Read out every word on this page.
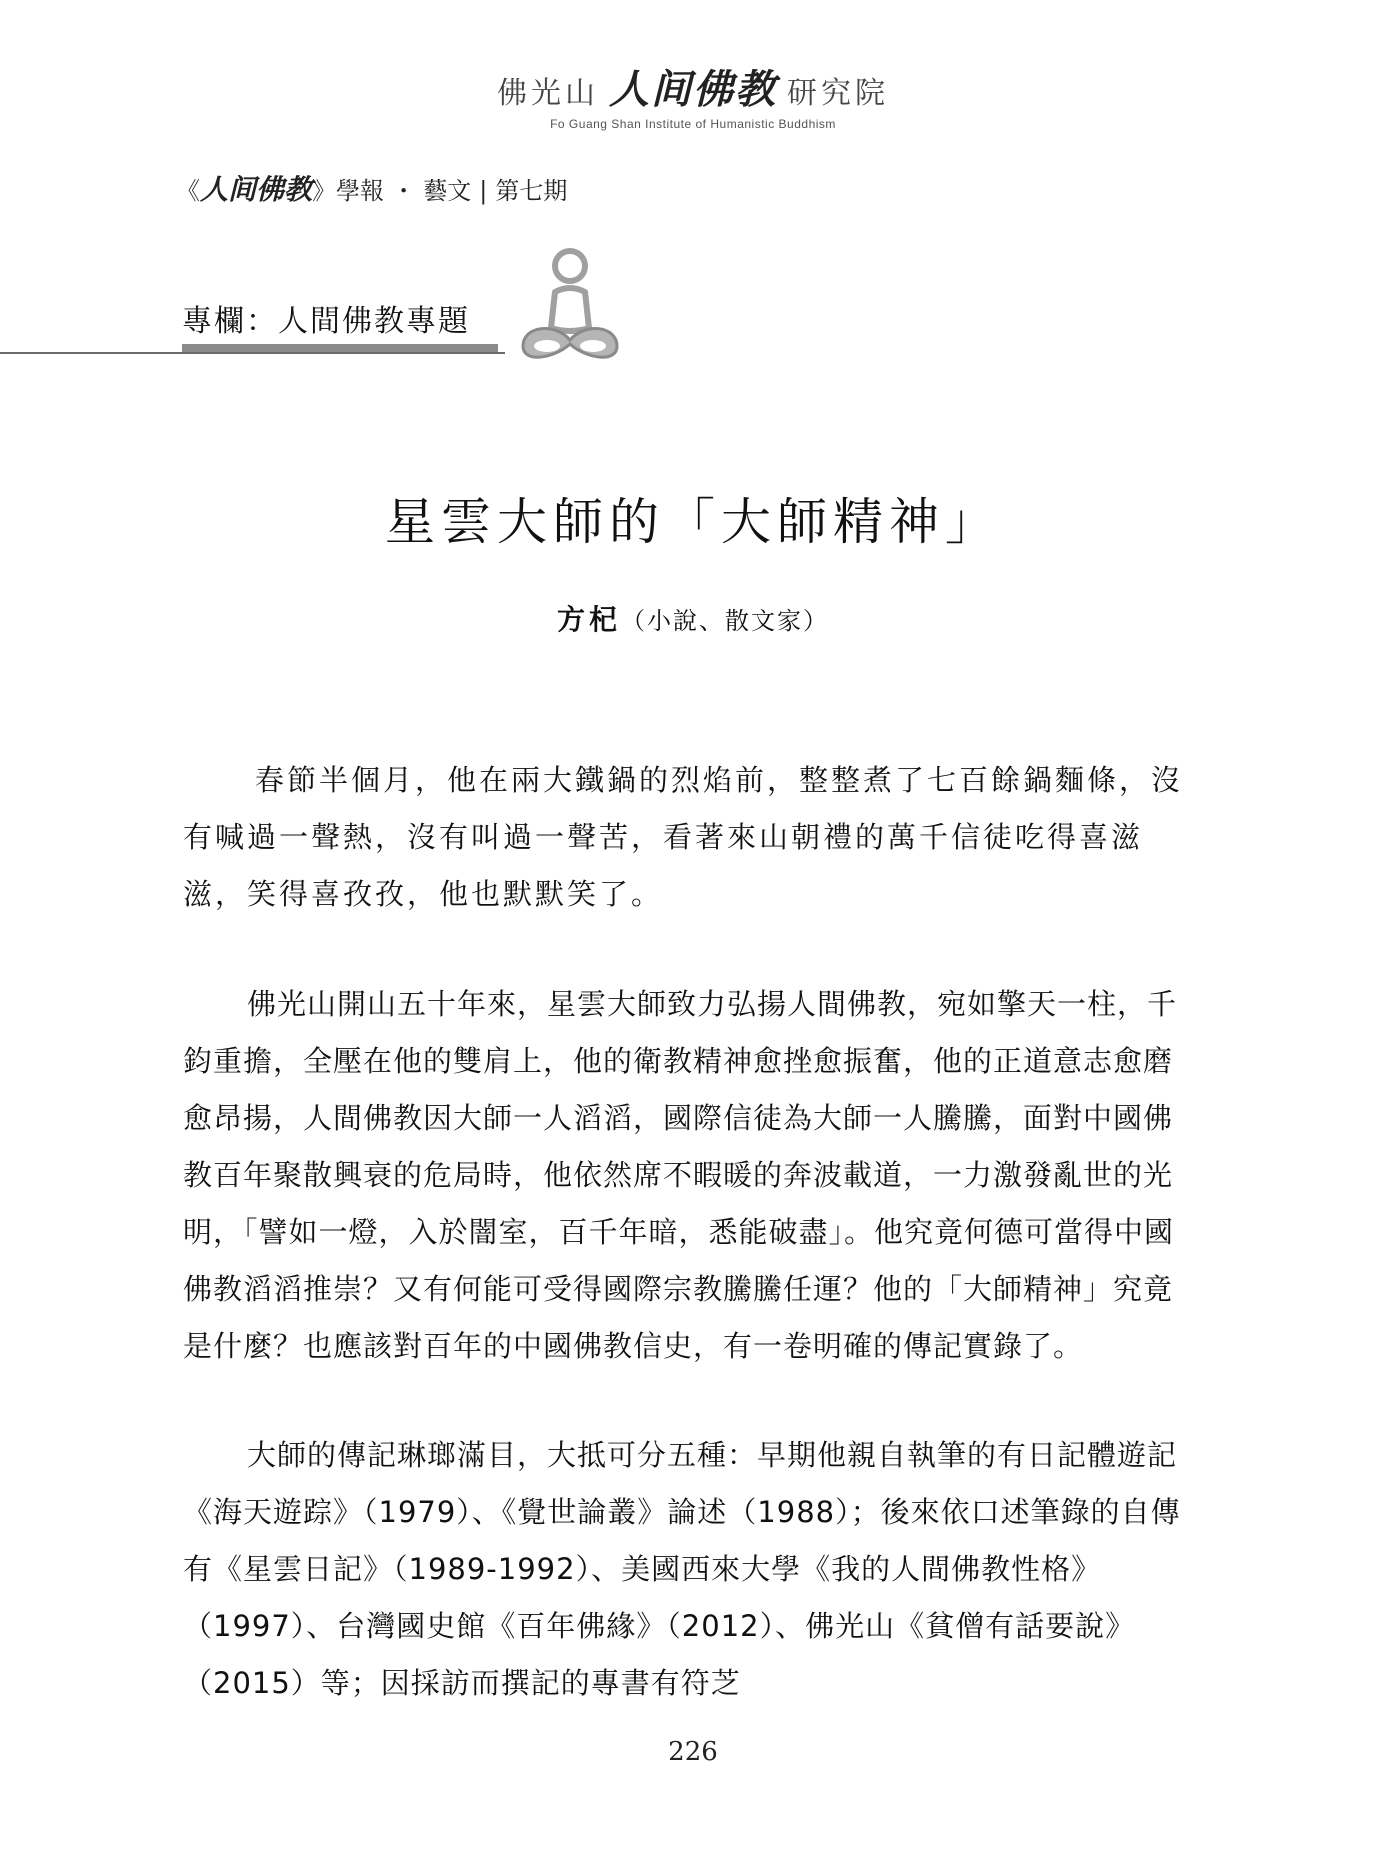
佛光山 人间佛教 研究院
Fo Guang Shan Institute of Humanistic Buddhism
《 人间佛教 》學報 ・ 藝文 | 第七期
專欄：人間佛教專題
星雲大師的「大師精神」
方杞（小說、散文家）

春節半個月，他在兩大鐵鍋的烈焰前，整整煮了七百餘鍋麵條，沒有喊過一聲熱，沒有叫過一聲苦，看著來山朝禮的萬千信徒吃得喜滋滋，笑得喜孜孜，他也默默笑了。

佛光山開山五十年來，星雲大師致力弘揚人間佛教，宛如擎天一柱，千鈞重擔，全壓在他的雙肩上，他的衛教精神愈挫愈振奮，他的正道意志愈磨愈昂揚，人間佛教因大師一人滔滔，國際信徒為大師一人騰騰，面對中國佛教百年聚散興衰的危局時，他依然席不暇暖的奔波載道，一力激發亂世的光明，「譬如一燈，入於闇室，百千年暗，悉能破盡」。他究竟何德可當得中國佛教滔滔推崇？又有何能可受得國際宗教騰騰任運？他的「大師精神」究竟是什麼？也應該對百年的中國佛教信史，有一卷明確的傳記實錄了。

大師的傳記琳瑯滿目，大抵可分五種：早期他親自執筆的有日記體遊記《海天遊踪》（1979）、《覺世論叢》論述（1988）；後來依口述筆錄的自傳有《星雲日記》（1989-1992）、美國西來大學《我的人間佛教性格》（1997）、台灣國史館《百年佛緣》（2012）、佛光山《貧僧有話要說》（2015）等；因採訪而撰記的專書有符芝

226
